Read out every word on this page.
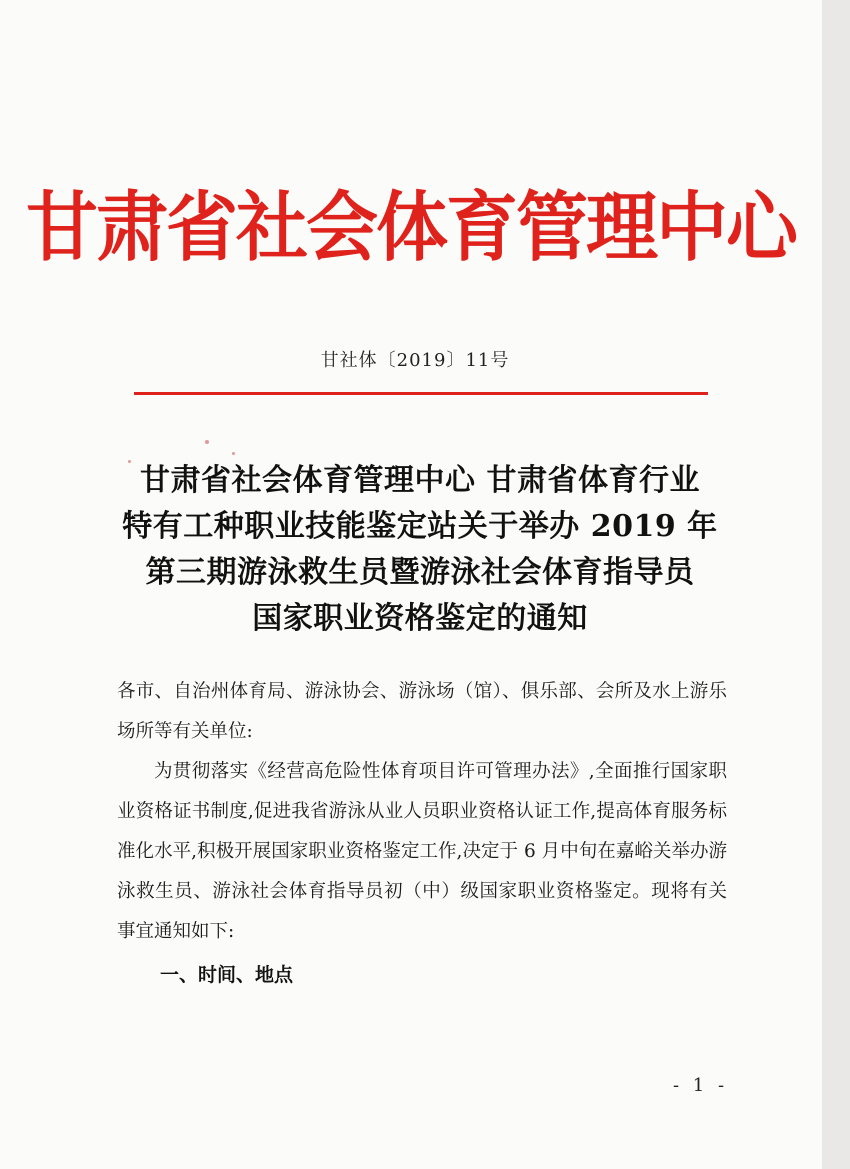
甘肃省社会体育管理中心
甘社体〔2019〕11号
甘肃省社会体育管理中心 甘肃省体育行业
特有工种职业技能鉴定站关于举办 2019 年
第三期游泳救生员暨游泳社会体育指导员
国家职业资格鉴定的通知

各市、自治州体育局、游泳协会、游泳场（馆）、俱乐部、会所及水上游乐场所等有关单位:

为贯彻落实《经营高危险性体育项目许可管理办法》,全面推行国家职业资格证书制度,促进我省游泳从业人员职业资格认证工作,提高体育服务标准化水平,积极开展国家职业资格鉴定工作,决定于 6 月中旬在嘉峪关举办游泳救生员、游泳社会体育指导员初（中）级国家职业资格鉴定。现将有关事宜通知如下:

一、时间、地点
- 1 -
